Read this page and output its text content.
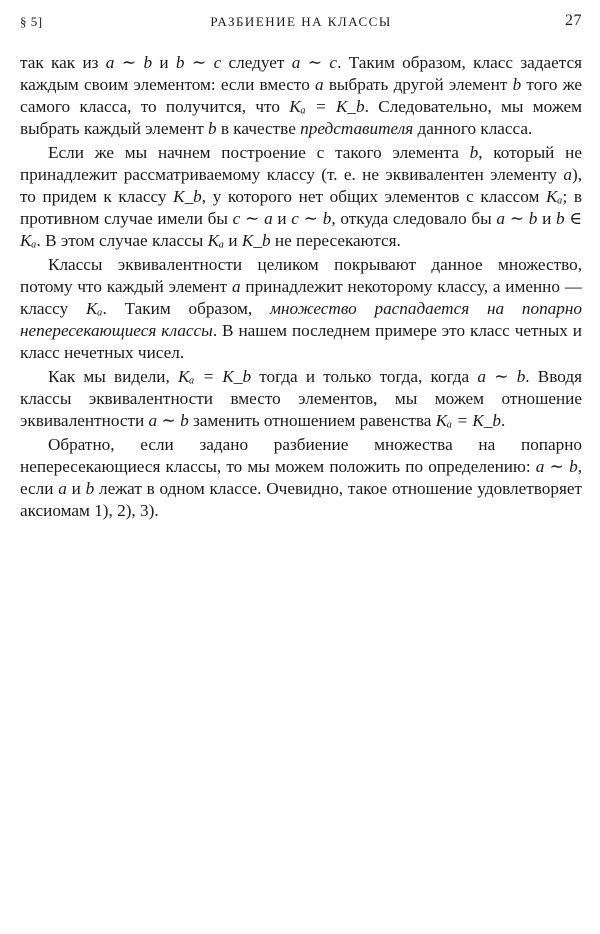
§ 5]	РАЗБИЕНИЕ НА КЛАССЫ	27

так как из a ∼ b и b ∼ c следует a ∼ c. Таким образом, класс задается каждым своим элементом: если вместо a выбрать другой элемент b того же самого класса, то получится, что Kₐ = K_b. Следовательно, мы можем выбрать каждый элемент b в качестве представителя данного класса.

Если же мы начнем построение с такого элемента b, который не принадлежит рассматриваемому классу (т. е. не эквивалентен элементу a), то придем к классу K_b, у которого нет общих элементов с классом Kₐ; в противном случае имели бы c ∼ a и c ∼ b, откуда следовало бы a ∼ b и b ∈ Kₐ. В этом случае классы Kₐ и K_b не пересекаются.

Классы эквивалентности целиком покрывают данное множество, потому что каждый элемент a принадлежит некоторому классу, а именно — классу Kₐ. Таким образом, множество распадается на попарно непересекающиеся классы. В нашем последнем примере это класс четных и класс нечетных чисел.

Как мы видели, Kₐ = K_b тогда и только тогда, когда a ∼ b. Вводя классы эквивалентности вместо элементов, мы можем отношение эквивалентности a ∼ b заменить отношением равенства Kₐ = K_b.

Обратно, если задано разбиение множества на попарно непересекающиеся классы, то мы можем положить по определению: a ∼ b, если a и b лежат в одном классе. Очевидно, такое отношение удовлетворяет аксиомам 1), 2), 3).
